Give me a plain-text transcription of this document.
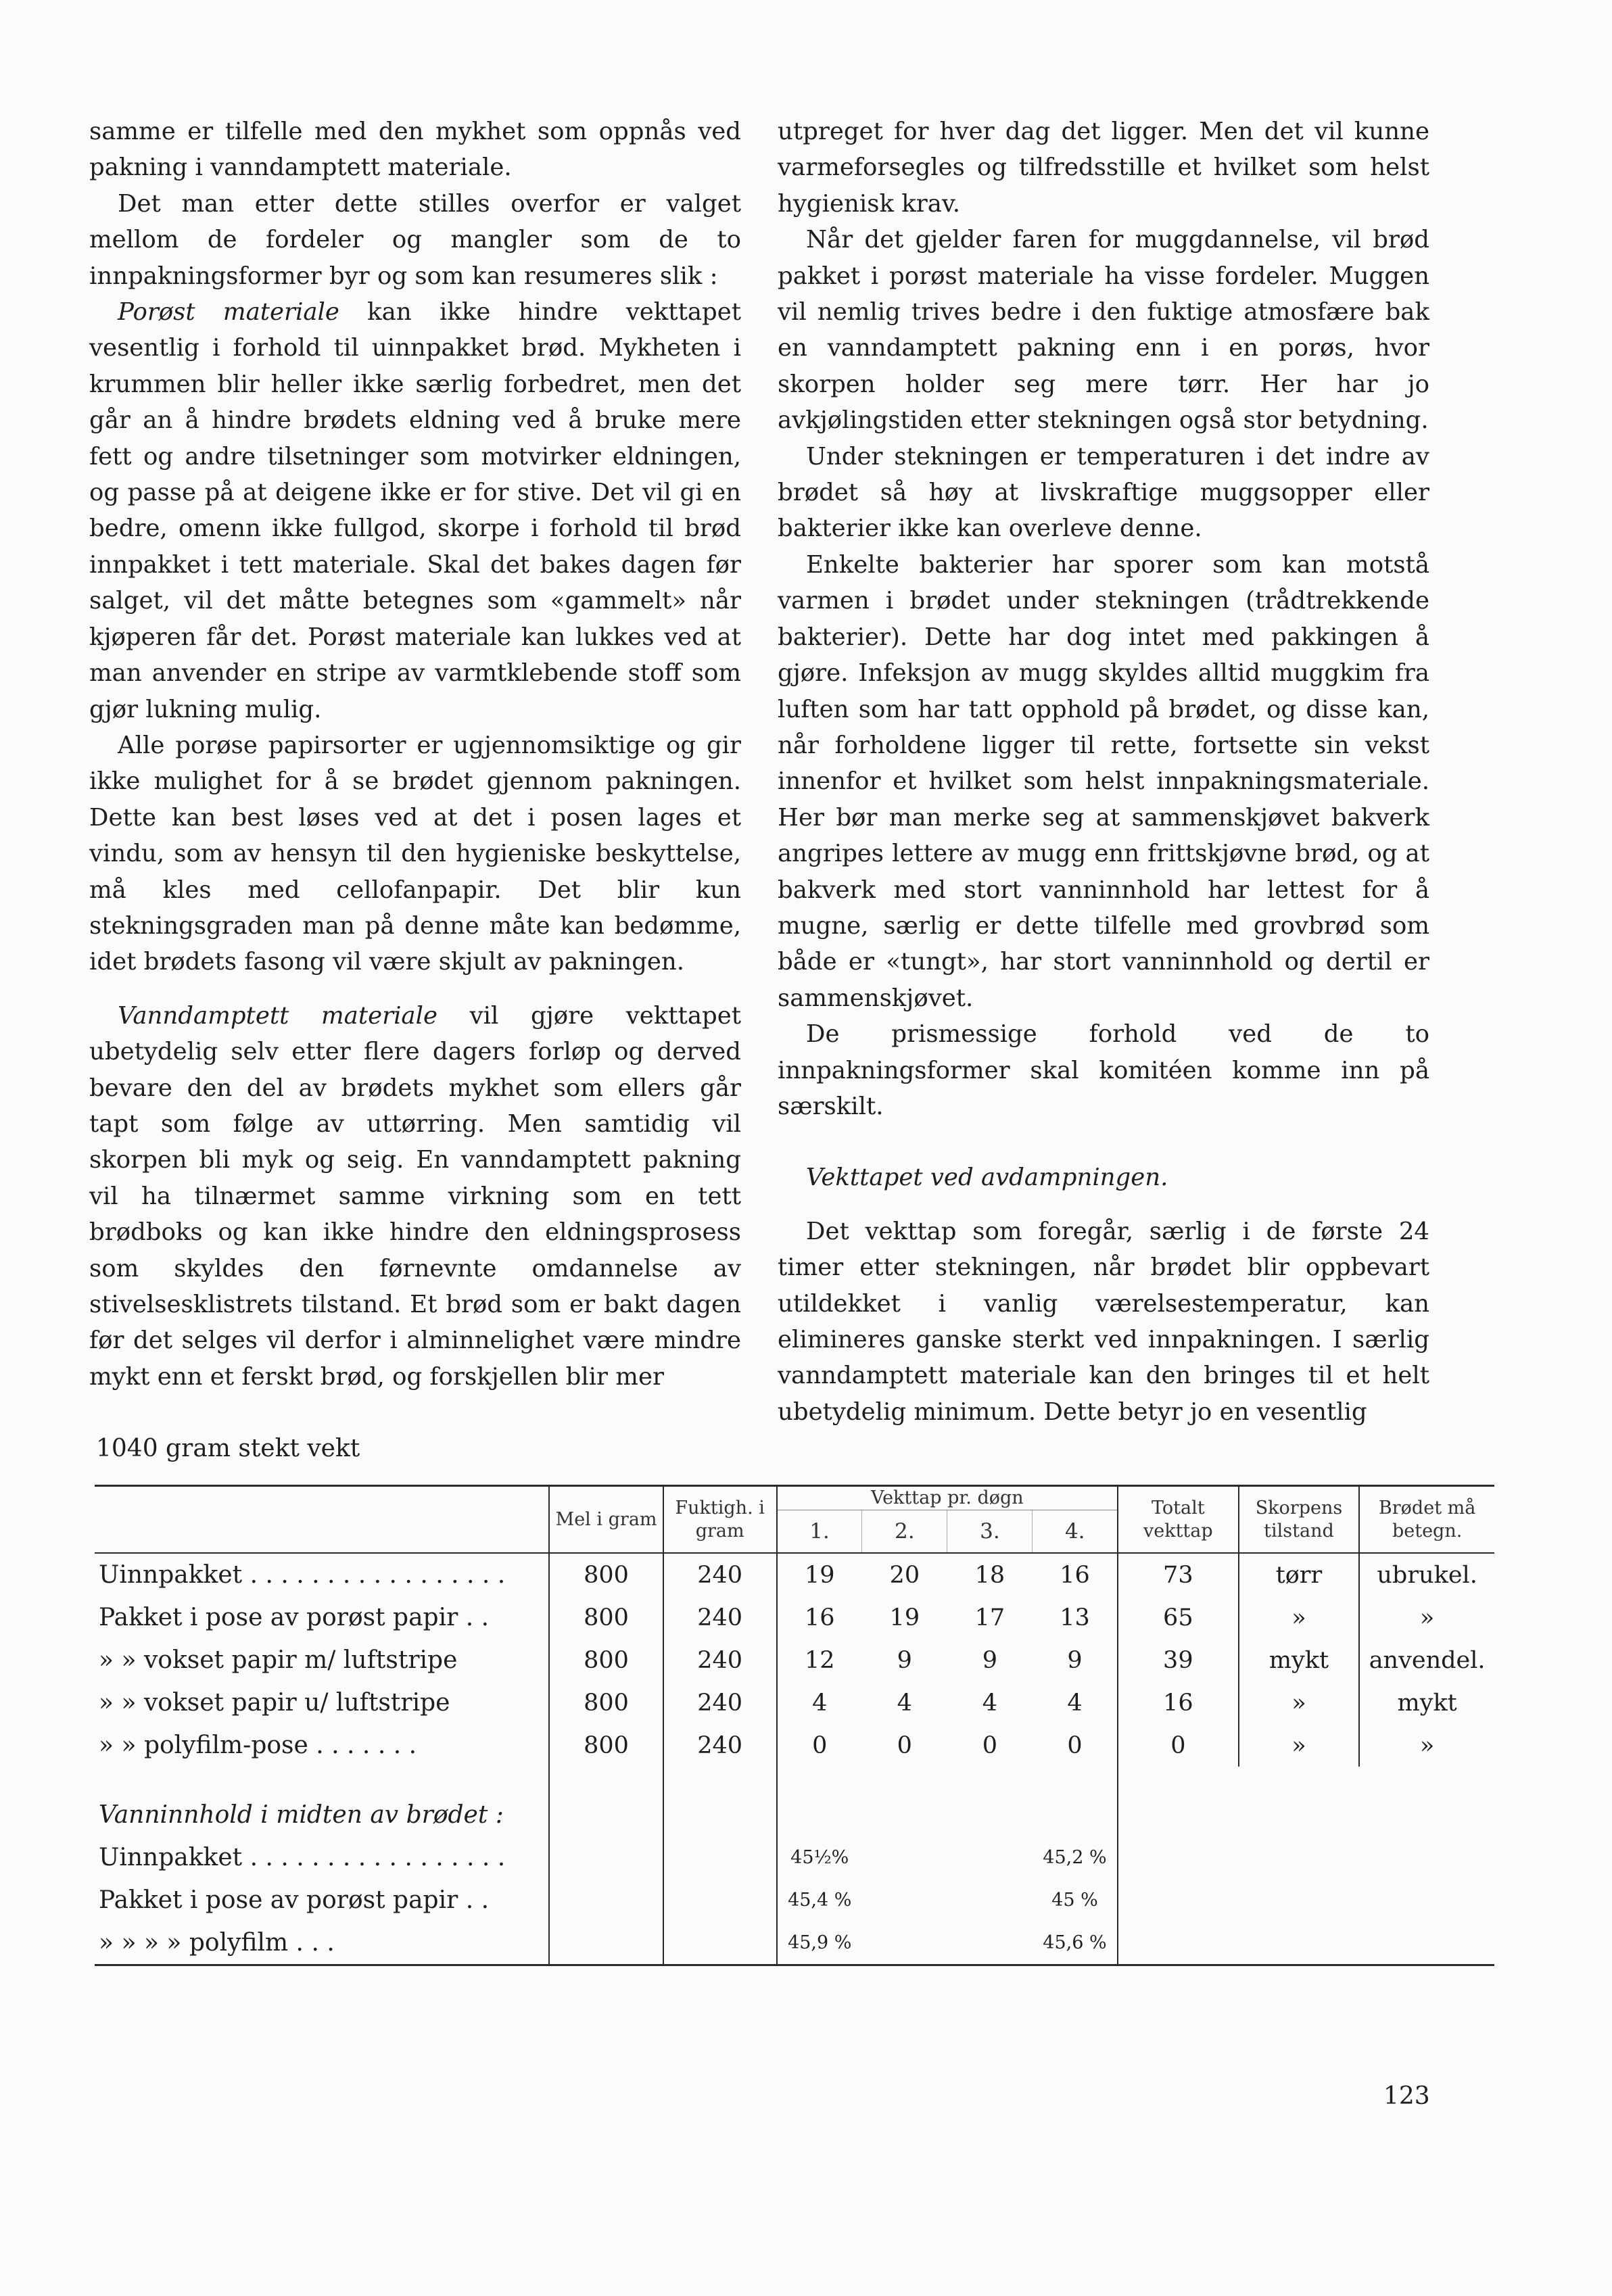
samme er tilfelle med den mykhet som oppnås ved pakning i vanndamptett materiale.

Det man etter dette stilles overfor er valget mellom de fordeler og mangler som de to innpakningsformer byr og som kan resumeres slik :

Porøst materiale kan ikke hindre vekttapet vesentlig i forhold til uinnpakket brød. Mykheten i krummen blir heller ikke særlig forbedret, men det går an å hindre brødets eldning ved å bruke mere fett og andre tilsetninger som motvirker eldningen, og passe på at deigene ikke er for stive. Det vil gi en bedre, omenn ikke fullgod, skorpe i forhold til brød innpakket i tett materiale. Skal det bakes dagen før salget, vil det måtte betegnes som «gammelt» når kjøperen får det. Porøst materiale kan lukkes ved at man anvender en stripe av varmtklebende stoff som gjør lukning mulig.

Alle porøse papirsorter er ugjennomsiktige og gir ikke mulighet for å se brødet gjennom pakningen. Dette kan best løses ved at det i posen lages et vindu, som av hensyn til den hygieniske beskyttelse, må kles med cellofanpapir. Det blir kun stekningsgraden man på denne måte kan bedømme, idet brødets fasong vil være skjult av pakningen.

Vanndamptett materiale vil gjøre vekttapet ubetydelig selv etter flere dagers forløp og derved bevare den del av brødets mykhet som ellers går tapt som følge av uttørring. Men samtidig vil skorpen bli myk og seig. En vanndamptett pakning vil ha tilnærmet samme virkning som en tett brødboks og kan ikke hindre den eldningsprosess som skyldes den førnevnte omdannelse av stivelsesklistrets tilstand. Et brød som er bakt dagen før det selges vil derfor i alminnelighet være mindre mykt enn et ferskt brød, og forskjellen blir mer

utpreget for hver dag det ligger. Men det vil kunne varmeforsegles og tilfredsstille et hvilket som helst hygienisk krav.

Når det gjelder faren for muggdannelse, vil brød pakket i porøst materiale ha visse fordeler. Muggen vil nemlig trives bedre i den fuktige atmosfære bak en vanndamptett pakning enn i en porøs, hvor skorpen holder seg mere tørr. Her har jo avkjølingstiden etter stekningen også stor betydning.

Under stekningen er temperaturen i det indre av brødet så høy at livskraftige muggsopper eller bakterier ikke kan overleve denne.

Enkelte bakterier har sporer som kan motstå varmen i brødet under stekningen (trådtrekkende bakterier). Dette har dog intet med pakkingen å gjøre. Infeksjon av mugg skyldes alltid muggkim fra luften som har tatt opphold på brødet, og disse kan, når forholdene ligger til rette, fortsette sin vekst innenfor et hvilket som helst innpakningsmateriale. Her bør man merke seg at sammenskjøvet bakverk angripes lettere av mugg enn frittskjøvne brød, og at bakverk med stort vanninnhold har lettest for å mugne, særlig er dette tilfelle med grovbrød som både er «tungt», har stort vanninnhold og dertil er sammenskjøvet.

De prismessige forhold ved de to innpakningsformer skal komitéen komme inn på særskilt.

Vekttapet ved avdampningen.

Det vekttap som foregår, særlig i de første 24 timer etter stekningen, når brødet blir oppbevart utildekket i vanlig værelsestemperatur, kan elimineres ganske sterkt ved innpakningen. I særlig vanndamptett materiale kan den bringes til et helt ubetydelig minimum. Dette betyr jo en vesentlig

1040 gram stekt vekt
	Mel i gram	Fuktigh. i gram	Vekttap pr. døgn				Totalt vekttap	Skorpens tilstand	Brødet må betegn.
			1.	2.	3.	4.			
Uinnpakket . . . . . . . . . . . . . . . . .	800	240	19	20	18	16	73	tørr	ubrukel.
Pakket i pose av porøst papir . .	800	240	16	19	17	13	65	»	»
» » vokset papir m/ luftstripe	800	240	12	9	9	9	39	mykt	anvendel.
» » vokset papir u/ luftstripe	800	240	4	4	4	4	16	»	mykt
» » polyfilm-pose . . . . . . .	800	240	0	0	0	0	0	»	»
Vanninnhold i midten av brødet :									
Uinnpakket . . . . . . . . . . . . . . . . .			45½%			45,2 %			
Pakket i pose av porøst papir . .			45,4 %			45 %			
» » » » polyfilm . . .			45,9 %			45,6 %			
123
